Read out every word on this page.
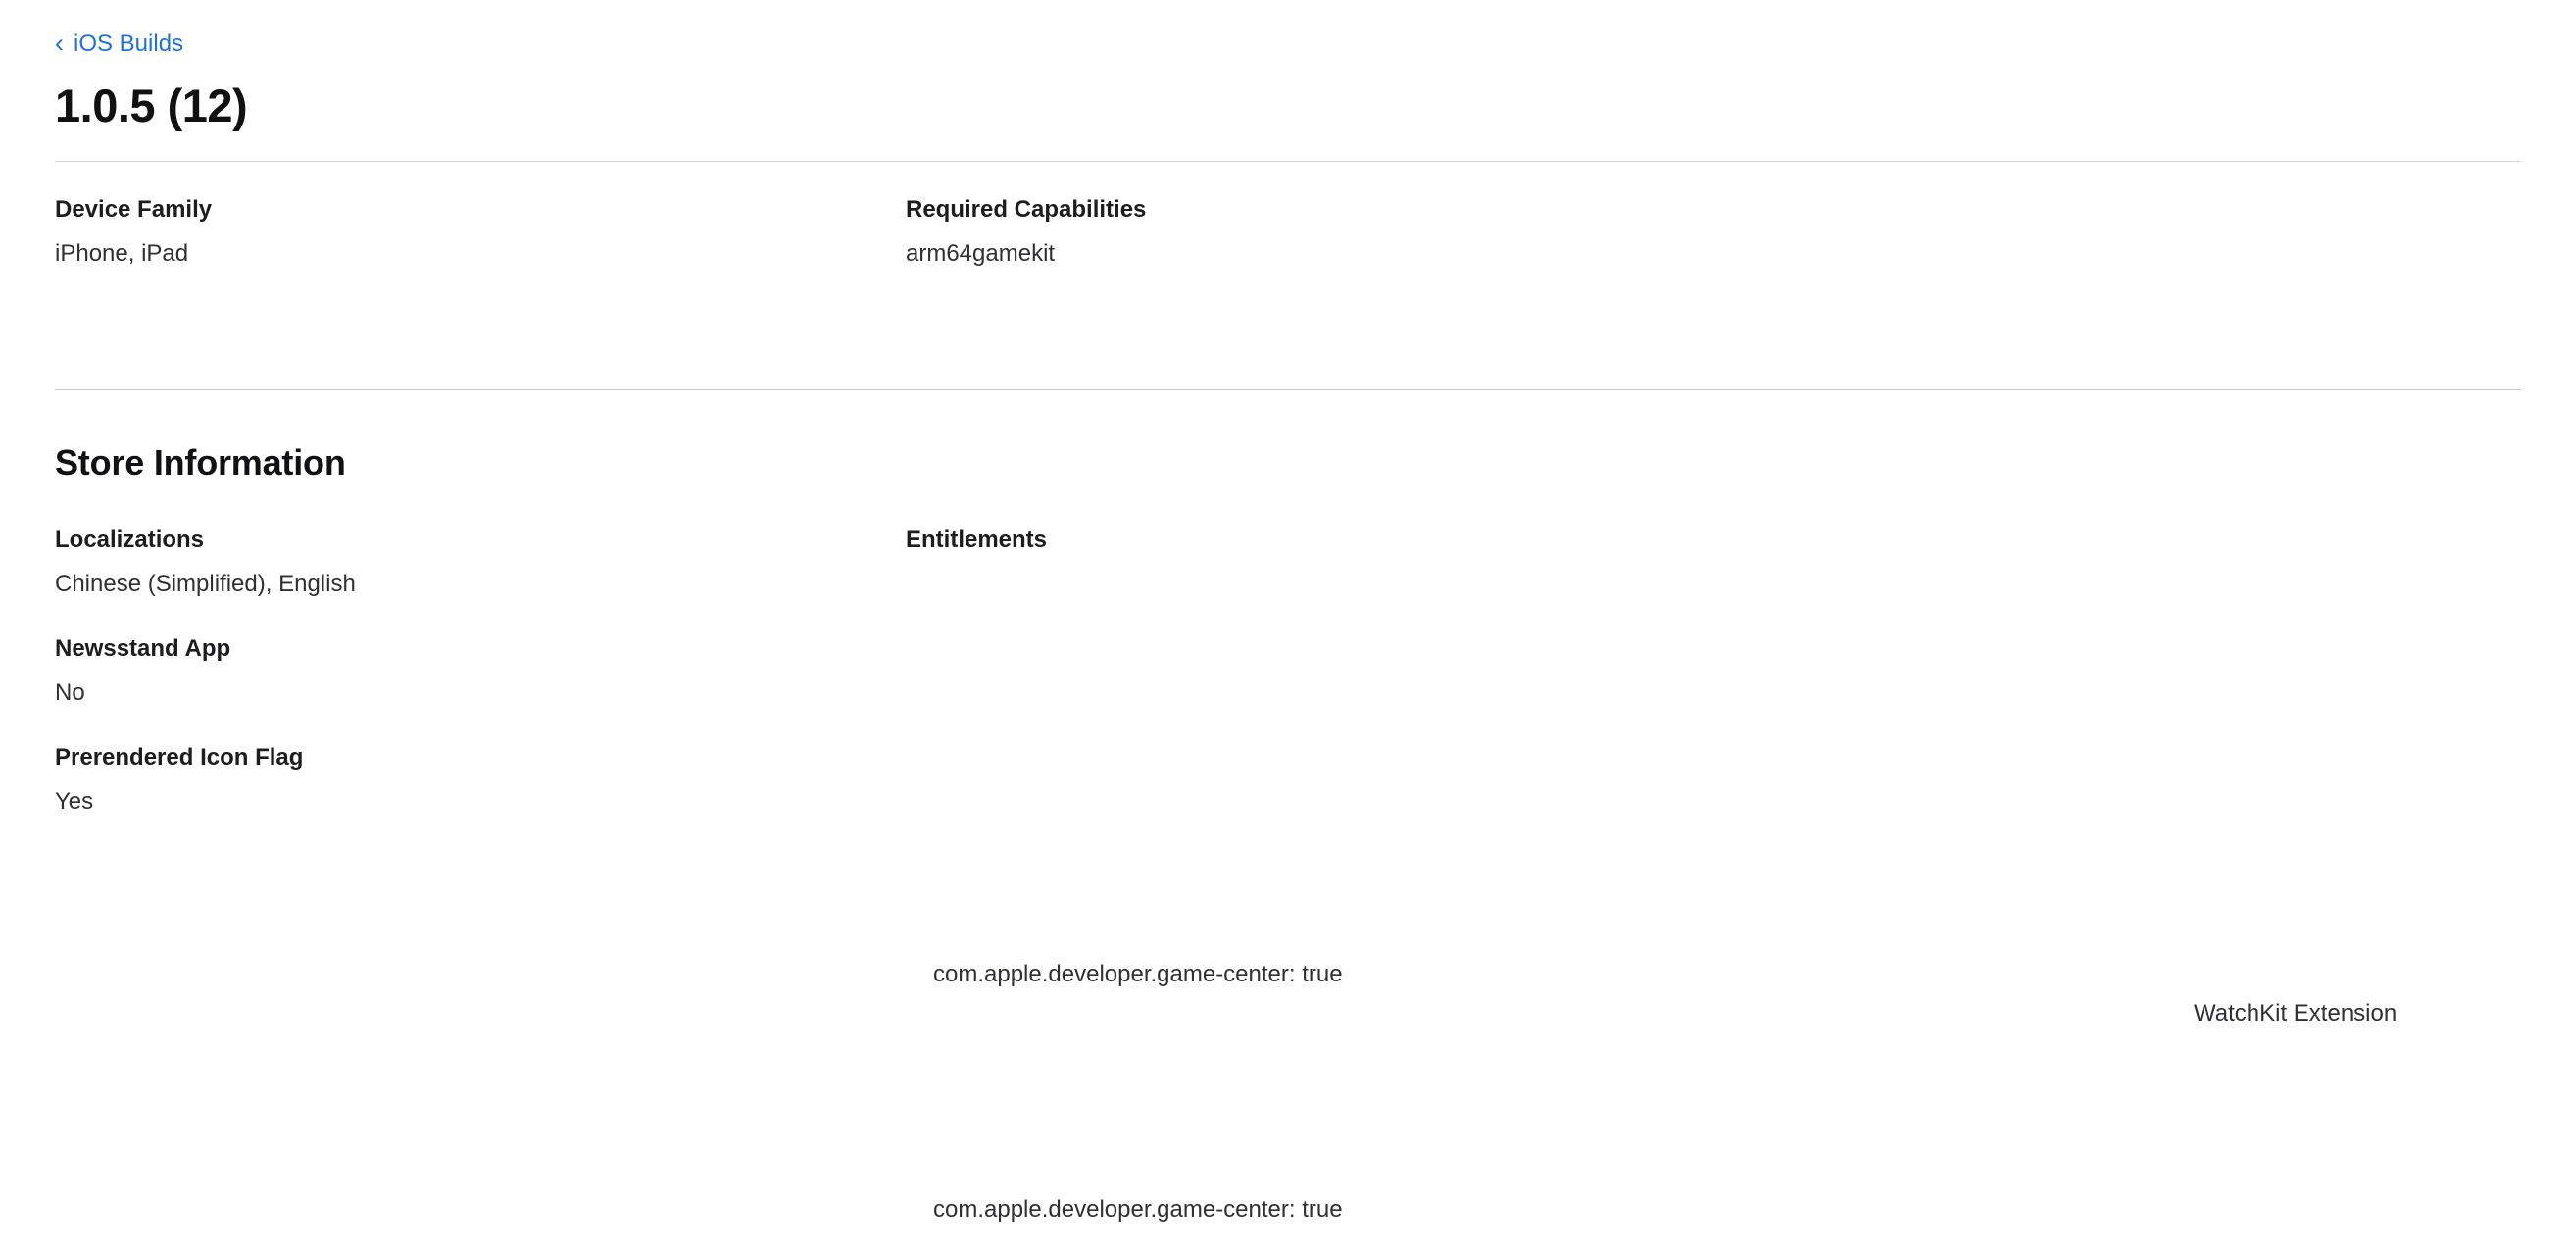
‹ iOS Builds
1.0.5 (12)
Device Family	Required Capabilities
iPhone, iPad	arm64gamekit
Store Information
Localizations	Entitlements
Chinese (Simplified), English
Newsstand App
No
Prerendered Icon Flag
Yes
com.apple.developer.game-center: true
com.apple.developer.game-center: true
WatchKit Extension
